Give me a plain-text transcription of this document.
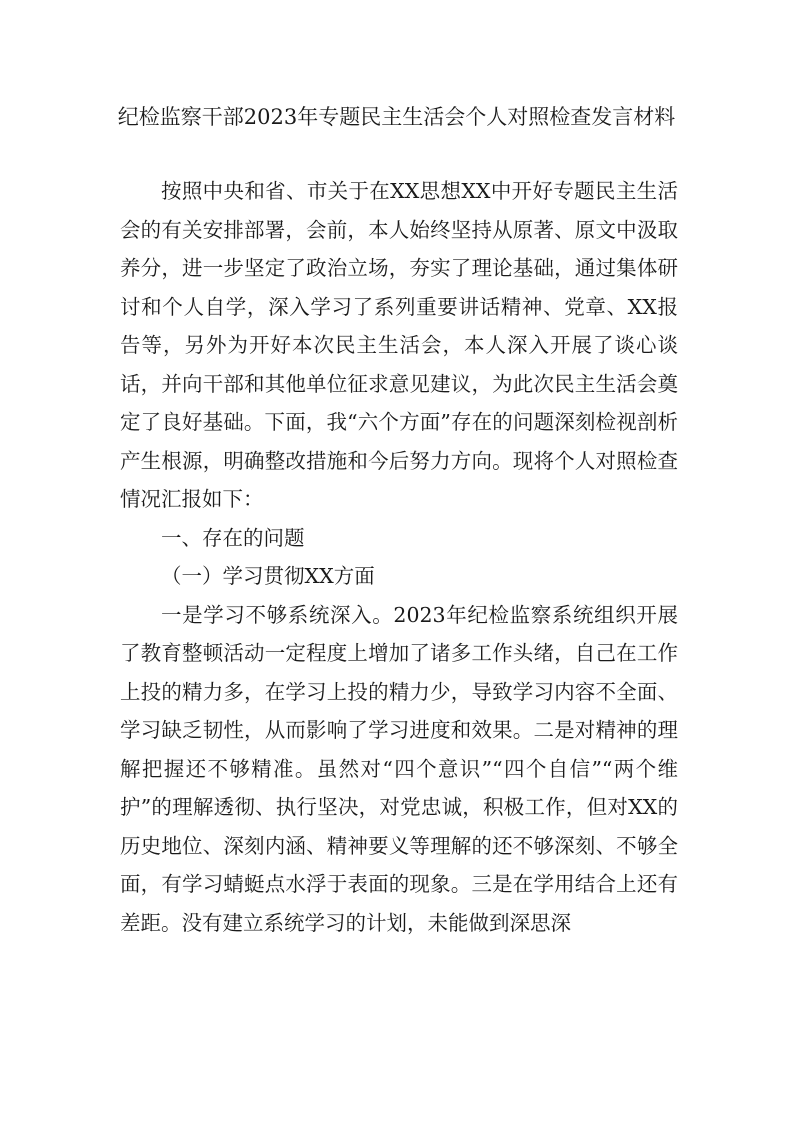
纪检监察干部2023年专题民主生活会个人对照检查发言材料

按照中央和省、市关于在XX思想XX中开好专题民主生活会的有关安排部署，会前，本人始终坚持从原著、原文中汲取养分，进一步坚定了政治立场，夯实了理论基础，通过集体研讨和个人自学，深入学习了系列重要讲话精神、党章、XX报告等，另外为开好本次民主生活会，本人深入开展了谈心谈话，并向干部和其他单位征求意见建议，为此次民主生活会奠定了良好基础。下面，我“六个方面”存在的问题深刻检视剖析产生根源，明确整改措施和今后努力方向。现将个人对照检查情况汇报如下：

一、存在的问题

（一）学习贯彻XX方面

一是学习不够系统深入。2023年纪检监察系统组织开展了教育整顿活动一定程度上增加了诸多工作头绪，自己在工作上投的精力多，在学习上投的精力少，导致学习内容不全面、学习缺乏韧性，从而影响了学习进度和效果。二是对精神的理解把握还不够精准。虽然对“四个意识”“四个自信”“两个维护”的理解透彻、执行坚决，对党忠诚，积极工作，但对XX的历史地位、深刻内涵、精神要义等理解的还不够深刻、不够全面，有学习蜻蜓点水浮于表面的现象。三是在学用结合上还有差距。没有建立系统学习的计划，未能做到深思深
